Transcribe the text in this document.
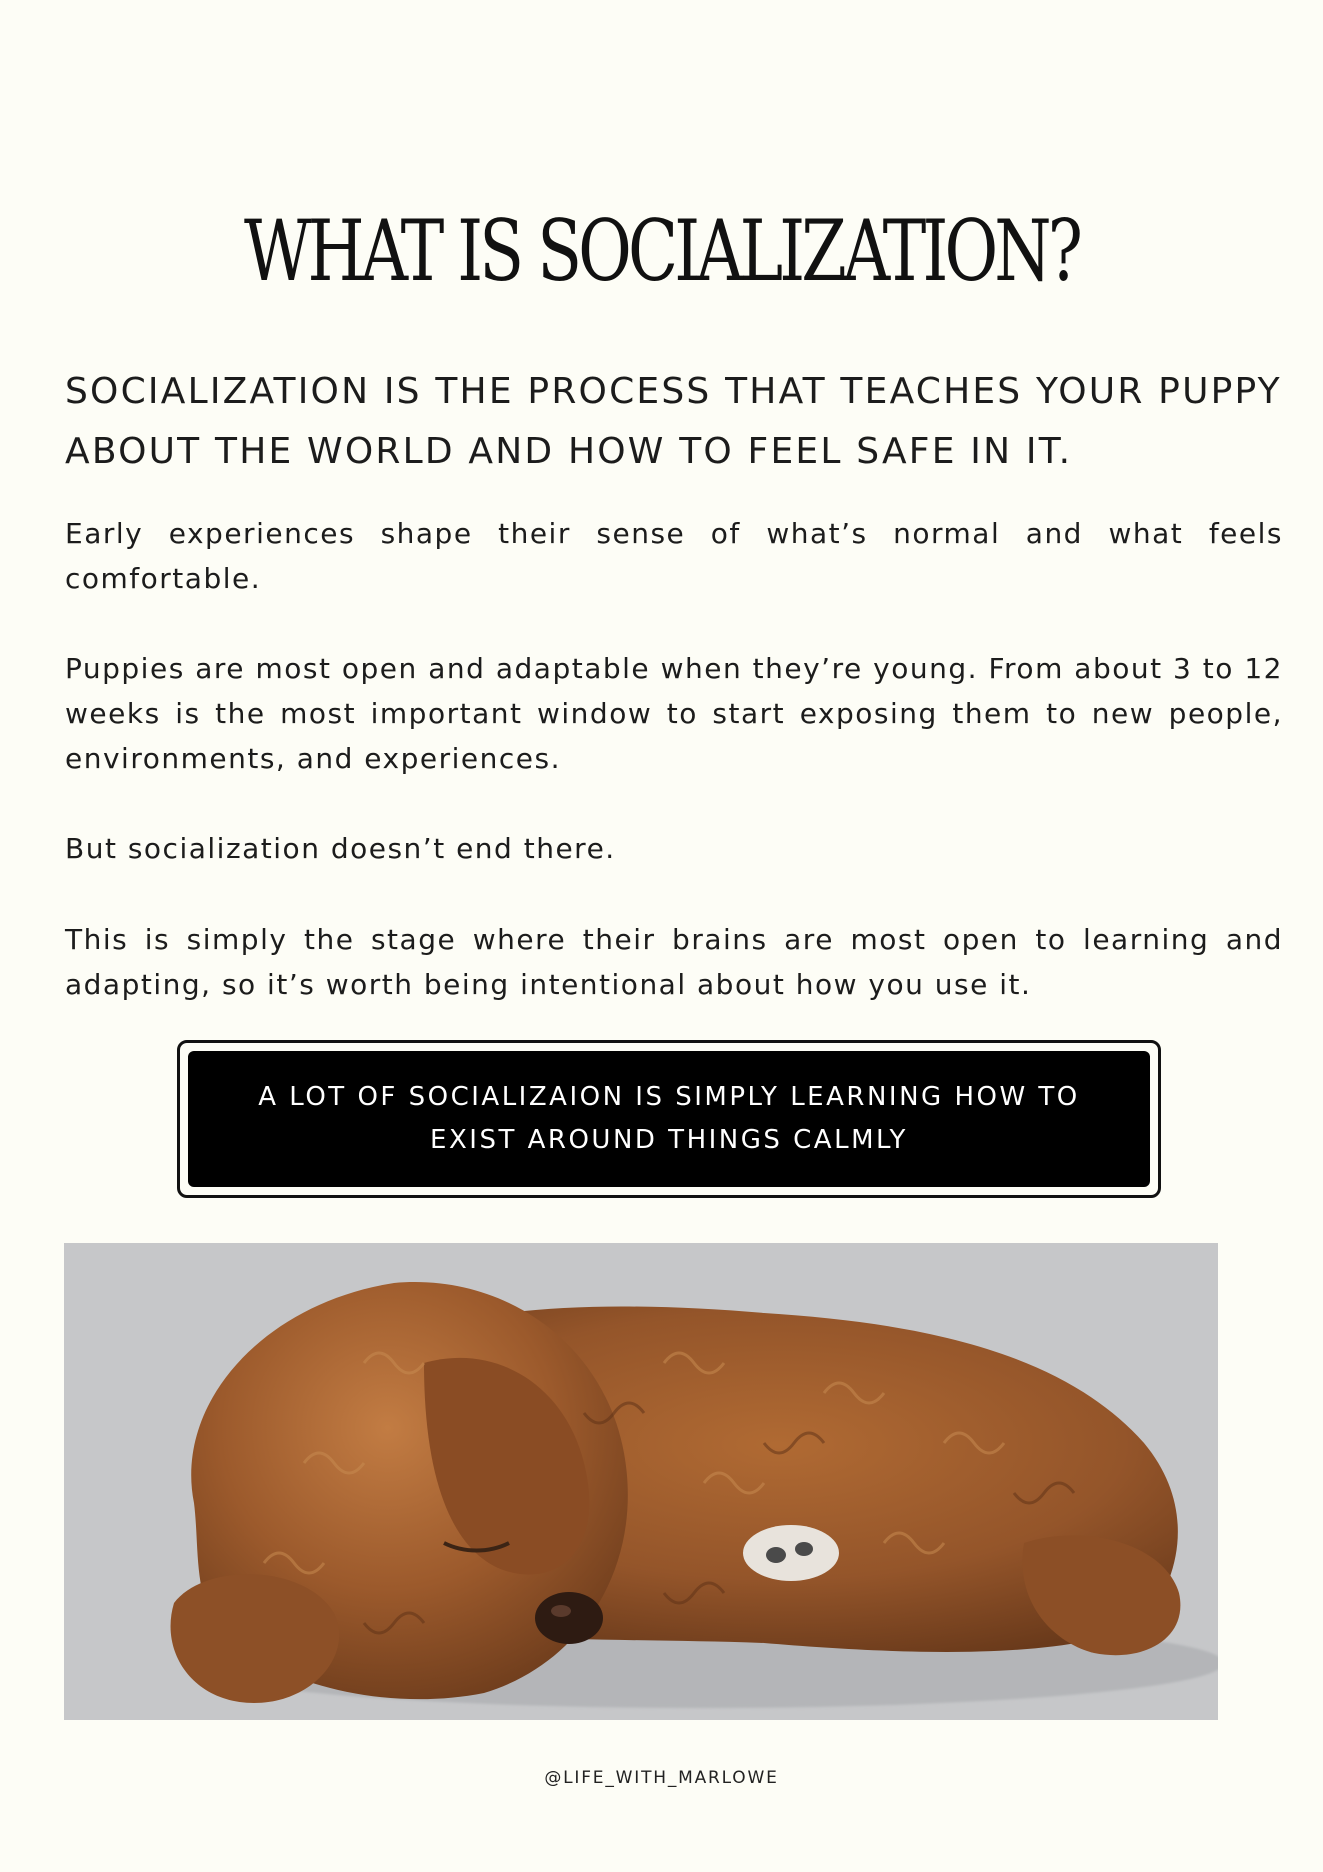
WHAT IS SOCIALIZATION?

SOCIALIZATION IS THE PROCESS THAT TEACHES YOUR PUPPY ABOUT THE WORLD AND HOW TO FEEL SAFE IN IT.

Early experiences shape their sense of what’s normal and what feels comfortable.

Puppies are most open and adaptable when they’re young. From about 3 to 12 weeks is the most important window to start exposing them to new people, environments, and experiences.

But socialization doesn’t end there.

This is simply the stage where their brains are most open to learning and adapting, so it’s worth being intentional about how you use it.

A LOT OF SOCIALIZAION IS SIMPLY LEARNING HOW TO EXIST AROUND THINGS CALMLY
@LIFE_WITH_MARLOWE
